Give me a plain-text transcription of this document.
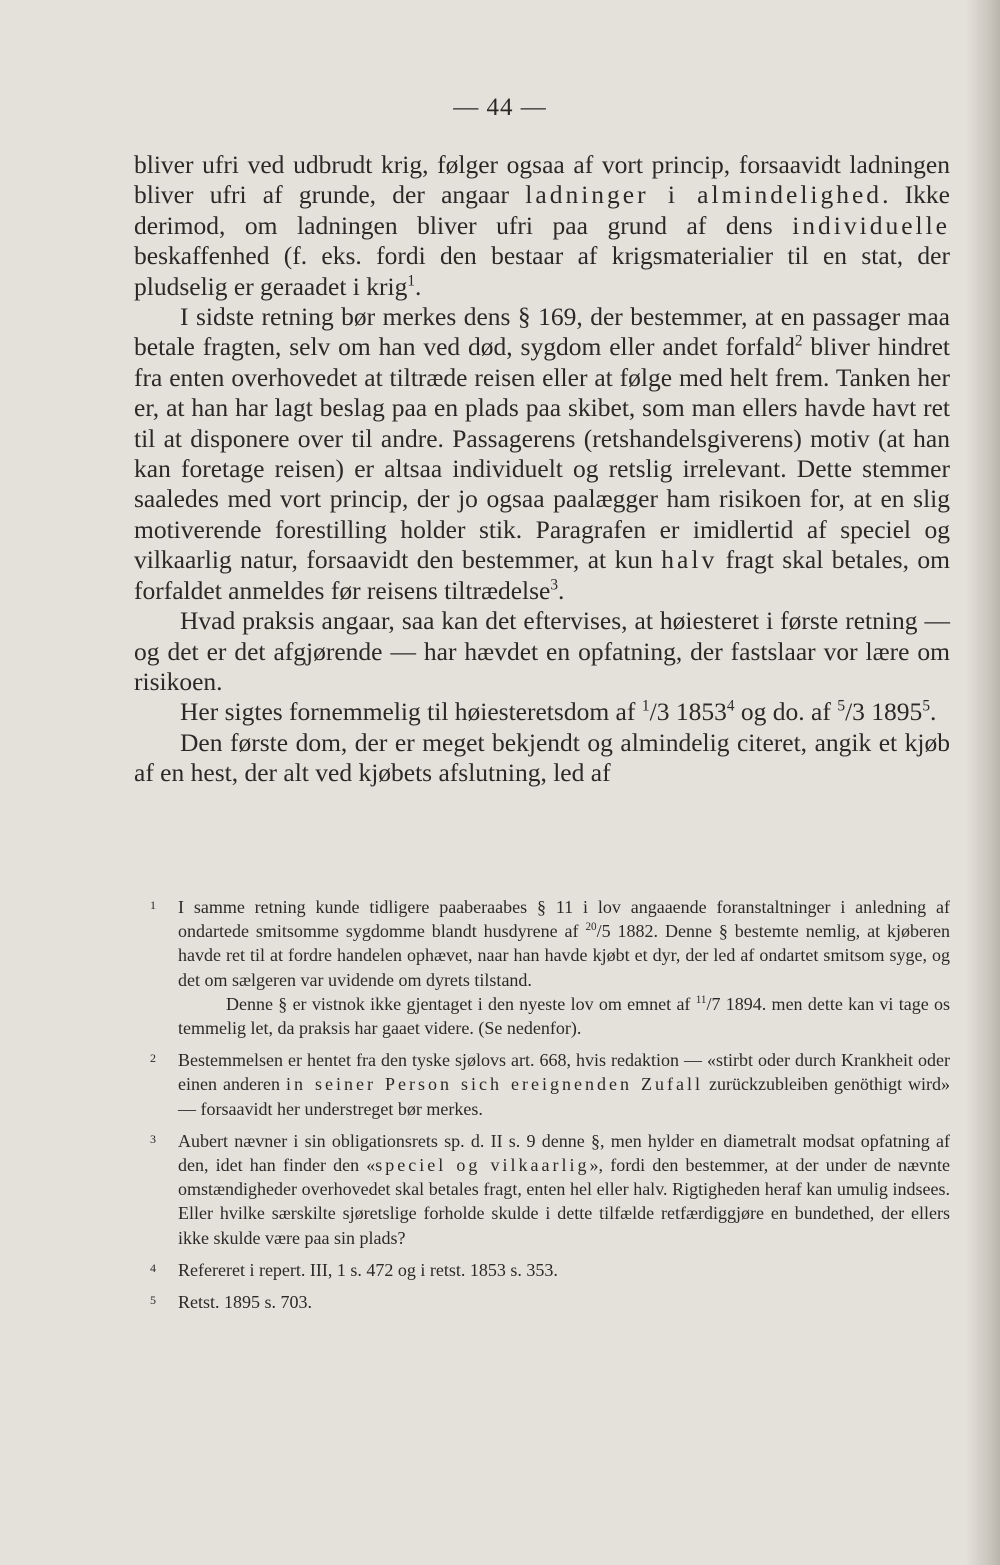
— 44 —

bliver ufri ved udbrudt krig, følger ogsaa af vort princip, forsaavidt ladningen bliver ufri af grunde, der angaar ladninger i almindelighed. Ikke derimod, om ladningen bliver ufri paa grund af dens individuelle beskaffenhed (f. eks. fordi den bestaar af krigsmaterialier til en stat, der pludselig er geraadet i krig$^1$.

I sidste retning bør merkes dens § 169, der bestemmer, at en passager maa betale fragten, selv om han ved død, sygdom eller andet forfald$^2$ bliver hindret fra enten overhovedet at tiltræde reisen eller at følge med helt frem. Tanken her er, at han har lagt beslag paa en plads paa skibet, som man ellers havde havt ret til at disponere over til andre. Passagerens (retshandelsgiverens) motiv (at han kan foretage reisen) er altsaa individuelt og retslig irrelevant. Dette stemmer saaledes med vort princip, der jo ogsaa paalægger ham risikoen for, at en slig motiverende forestilling holder stik. Paragrafen er imidlertid af speciel og vilkaarlig natur, forsaavidt den bestemmer, at kun halv fragt skal betales, om forfaldet anmeldes før reisens tiltrædelse$^3$.

Hvad praksis angaar, saa kan det eftervises, at høiesteret i første retning — og det er det afgjørende — har hævdet en opfatning, der fastslaar vor lære om risikoen.

Her sigtes fornemmelig til høiesteretsdom af $^1$/3 1853$^4$ og do. af $^5$/3 1895$^5$.

Den første dom, der er meget bekjendt og almindelig citeret, angik et kjøb af en hest, der alt ved kjøbets afslutning, led af

1 I samme retning kunde tidligere paaberaabes § 11 i lov angaaende foranstaltninger i anledning af ondartede smitsomme sygdomme blandt husdyrene af $^{20}$/5 1882. Denne § bestemte nemlig, at kjøberen havde ret til at fordre handelen ophævet, naar han havde kjøbt et dyr, der led af ondartet smitsom syge, og det om sælgeren var uvidende om dyrets tilstand.

Denne § er vistnok ikke gjentaget i den nyeste lov om emnet af $^{11}$/7 1894. men dette kan vi tage os temmelig let, da praksis har gaaet videre. (Se nedenfor).

2 Bestemmelsen er hentet fra den tyske sjølovs art. 668, hvis redaktion — «stirbt oder durch Krankheit oder einen anderen in seiner Person sich ereignenden Zufall zurückzubleiben genöthigt wird» — forsaavidt her understreget bør merkes.

3 Aubert nævner i sin obligationsrets sp. d. II s. 9 denne §, men hylder en diametralt modsat opfatning af den, idet han finder den «speciel og vilkaarlig», fordi den bestemmer, at der under de nævnte omstændigheder overhovedet skal betales fragt, enten hel eller halv. Rigtigheden heraf kan umulig indsees. Eller hvilke særskilte sjøretslige forholde skulde i dette tilfælde retfærdiggjøre en bundethed, der ellers ikke skulde være paa sin plads?

4 Refereret i repert. III, 1 s. 472 og i retst. 1853 s. 353.

5 Retst. 1895 s. 703.
